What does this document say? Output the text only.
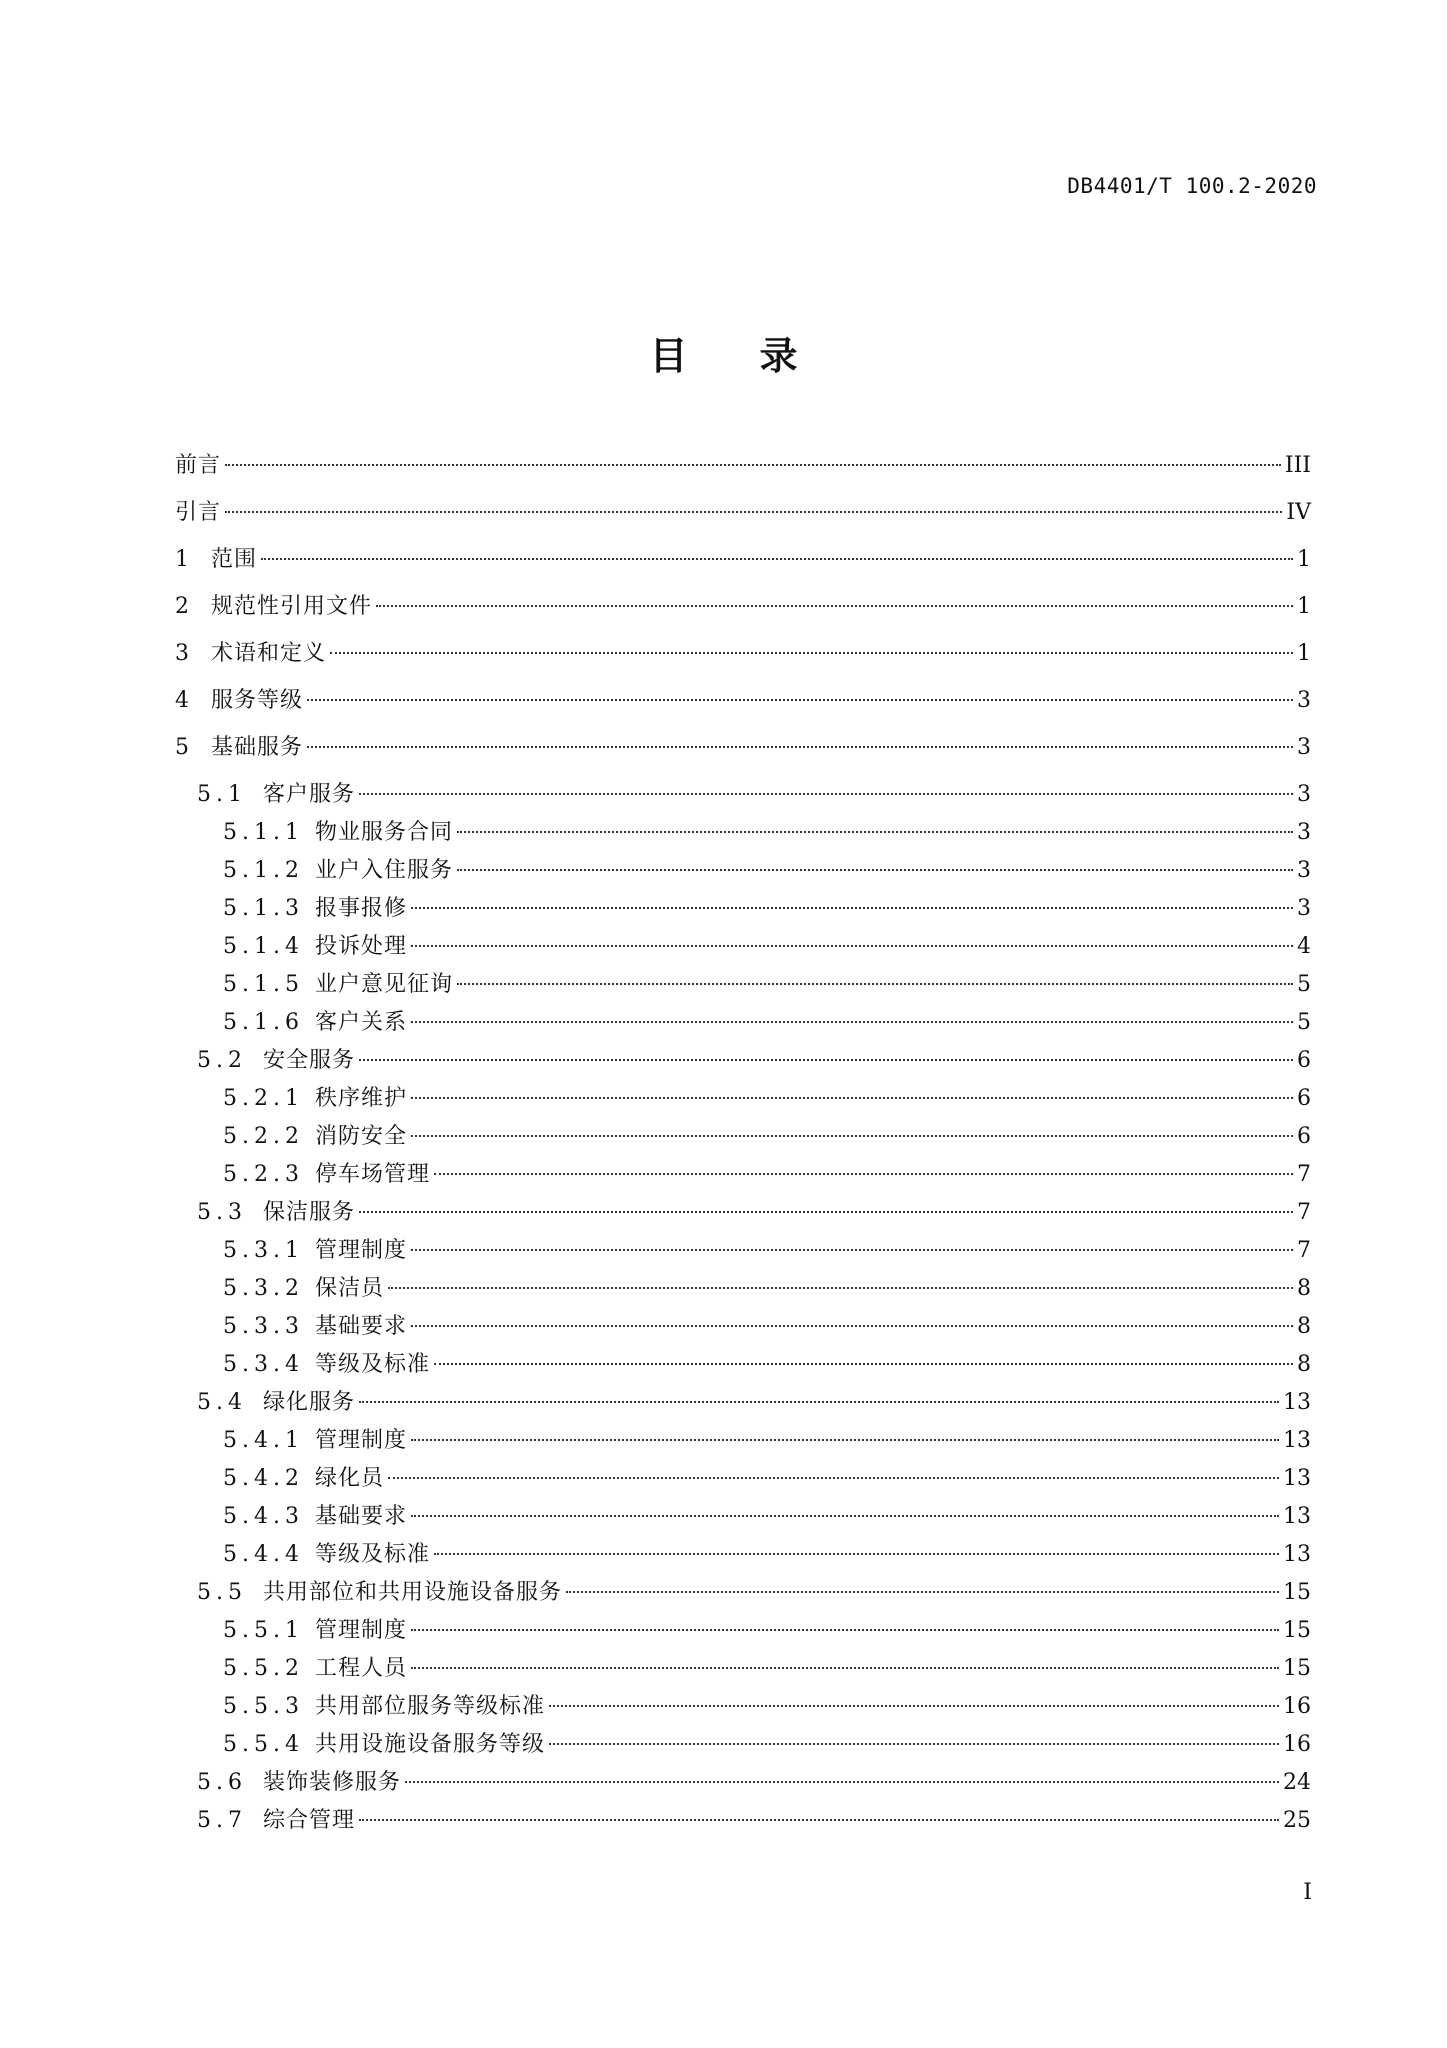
DB4401/T 100.2-2020
目 录
前言	III
引言	IV
1 范围	1
2 规范性引用文件	1
3 术语和定义	1
4 服务等级	3
5 基础服务	3
5.1 客户服务	3
5.1.1 物业服务合同	3
5.1.2 业户入住服务	3
5.1.3 报事报修	3
5.1.4 投诉处理	4
5.1.5 业户意见征询	5
5.1.6 客户关系	5
5.2 安全服务	6
5.2.1 秩序维护	6
5.2.2 消防安全	6
5.2.3 停车场管理	7
5.3 保洁服务	7
5.3.1 管理制度	7
5.3.2 保洁员	8
5.3.3 基础要求	8
5.3.4 等级及标准	8
5.4 绿化服务	13
5.4.1 管理制度	13
5.4.2 绿化员	13
5.4.3 基础要求	13
5.4.4 等级及标准	13
5.5 共用部位和共用设施设备服务	15
5.5.1 管理制度	15
5.5.2 工程人员	15
5.5.3 共用部位服务等级标准	16
5.5.4 共用设施设备服务等级	16
5.6 装饰装修服务	24
5.7 综合管理	25
I
